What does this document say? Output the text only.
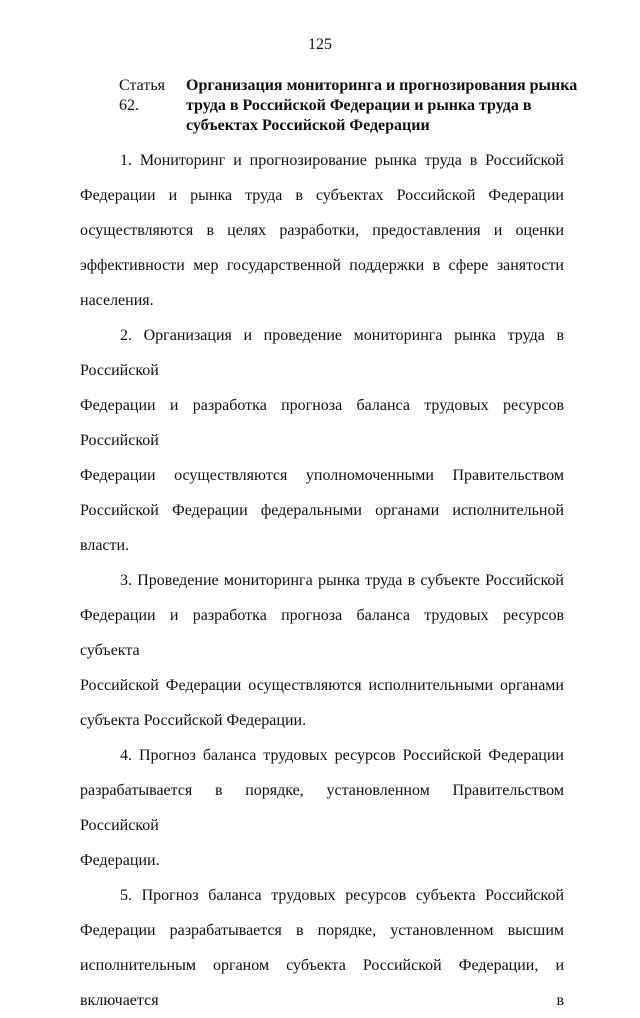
125
Статья 62.
Организация мониторинга и прогнозирования рынка труда в Российской Федерации и рынка труда в субъектах Российской Федерации

1. Мониторинг и прогнозирование рынка труда в Российской
Федерации и рынка труда в субъектах Российской Федерации
осуществляются в целях разработки, предоставления и оценки
эффективности мер государственной поддержки в сфере занятости
населения.

2. Организация и проведение мониторинга рынка труда в Российской
Федерации и разработка прогноза баланса трудовых ресурсов Российской
Федерации осуществляются уполномоченными Правительством
Российской Федерации федеральными органами исполнительной власти.

3. Проведение мониторинга рынка труда в субъекте Российской
Федерации и разработка прогноза баланса трудовых ресурсов субъекта
Российской Федерации осуществляются исполнительными органами
субъекта Российской Федерации.

4. Прогноз баланса трудовых ресурсов Российской Федерации
разрабатывается в порядке, установленном Правительством Российской
Федерации.

5. Прогноз баланса трудовых ресурсов субъекта Российской
Федерации разрабатывается в порядке, установленном высшим
исполнительным органом субъекта Российской Федерации, и включается в
